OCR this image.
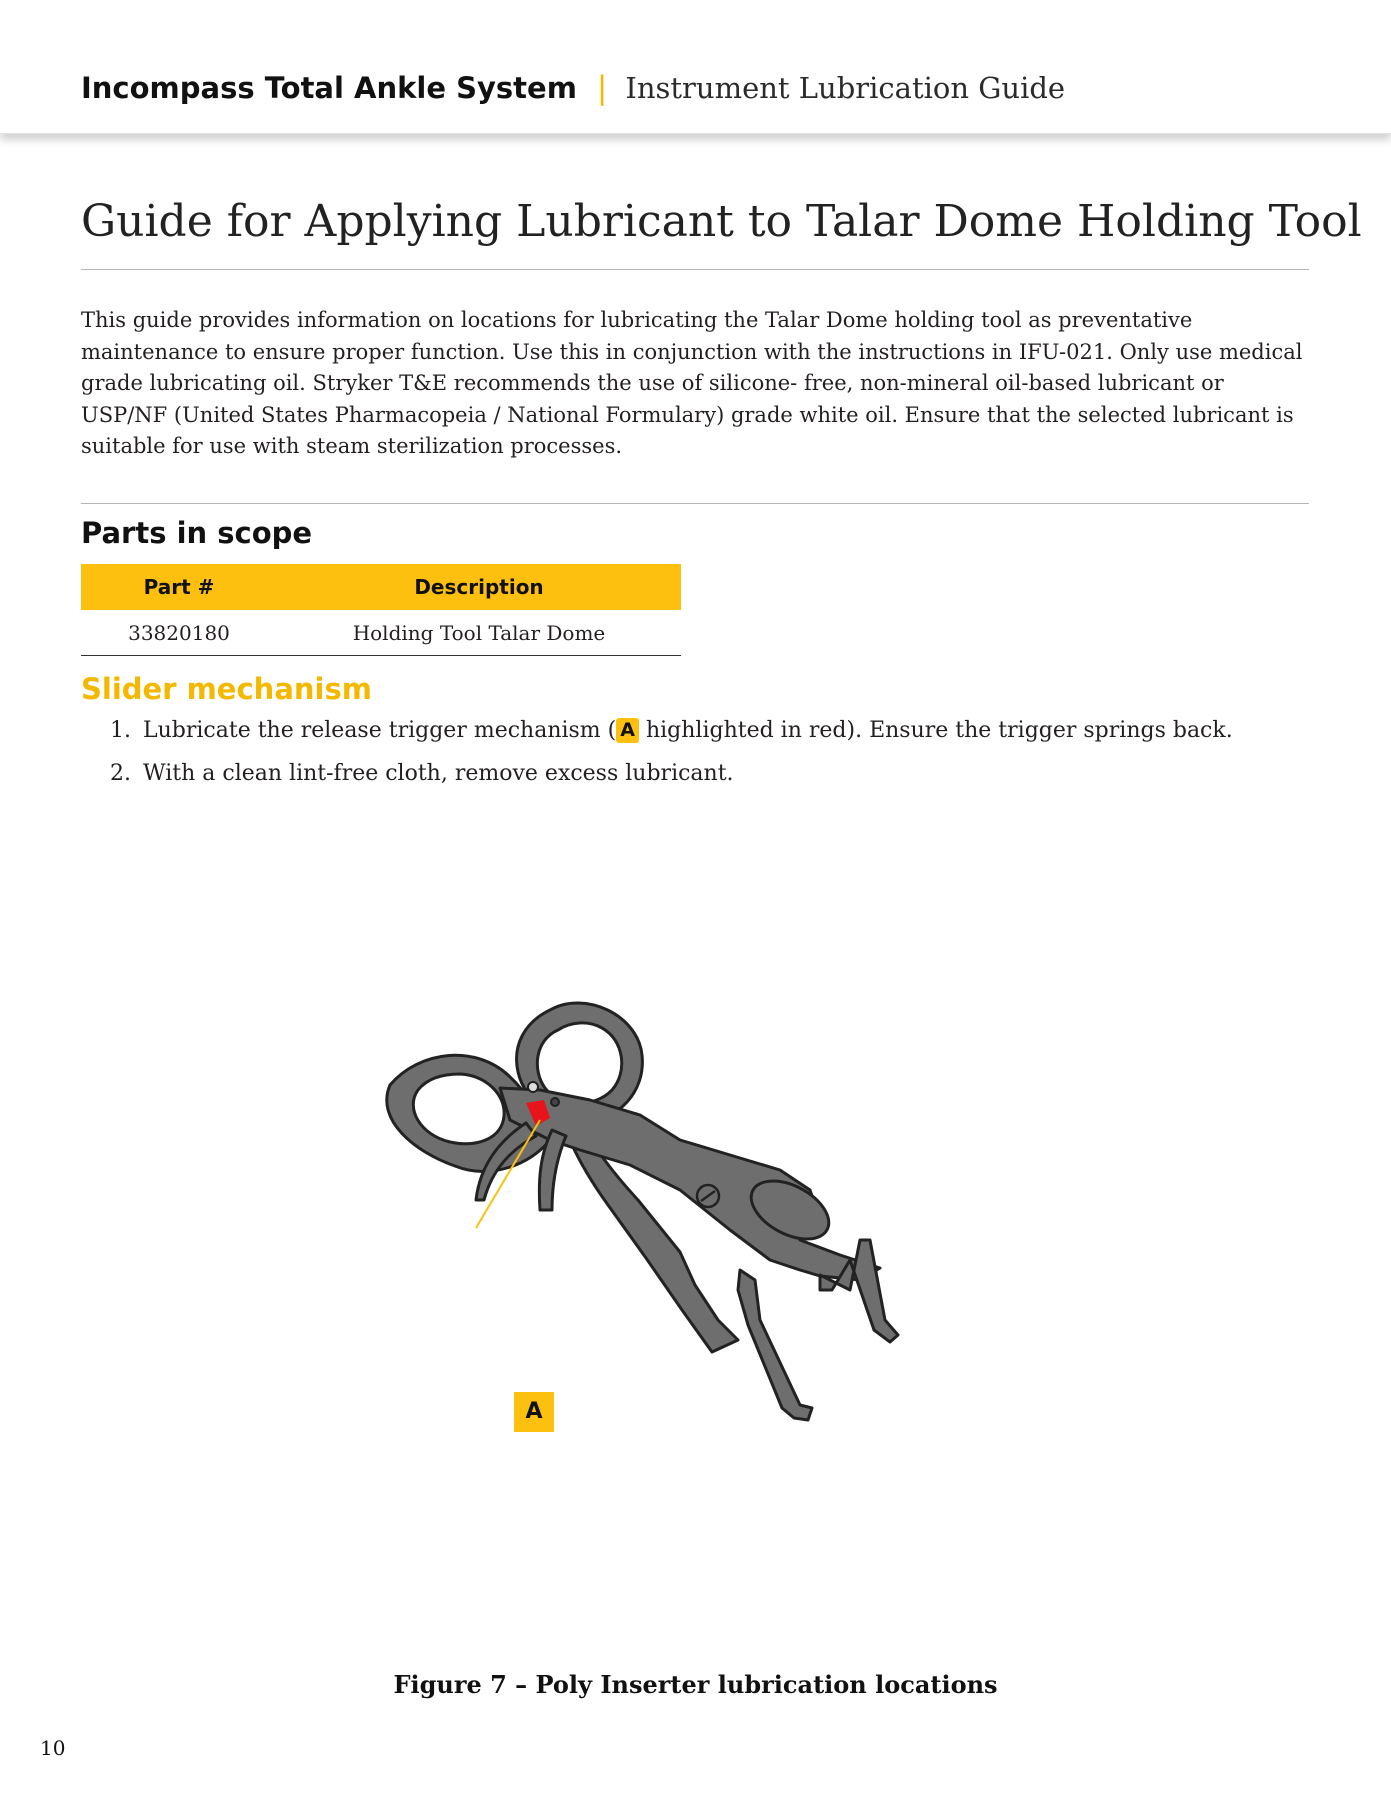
Incompass Total Ankle System | Instrument Lubrication Guide
Guide for Applying Lubricant to Talar Dome Holding Tool

This guide provides information on locations for lubricating the Talar Dome holding tool as preventative maintenance to ensure proper function. Use this in conjunction with the instructions in IFU-021. Only use medical grade lubricating oil. Stryker T&E recommends the use of silicone- free, non-mineral oil-based lubricant or USP/NF (United States Pharmacopeia / National Formulary) grade white oil. Ensure that the selected lubricant is suitable for use with steam sterilization processes.

Parts in scope
Part #	Description
33820180	Holding Tool Talar Dome
Slider mechanism
1. Lubricate the release trigger mechanism ( A highlighted in red). Ensure the trigger springs back.
2. With a clean lint-free cloth, remove excess lubricant.
A

Figure 7 – Poly Inserter lubrication locations

10
